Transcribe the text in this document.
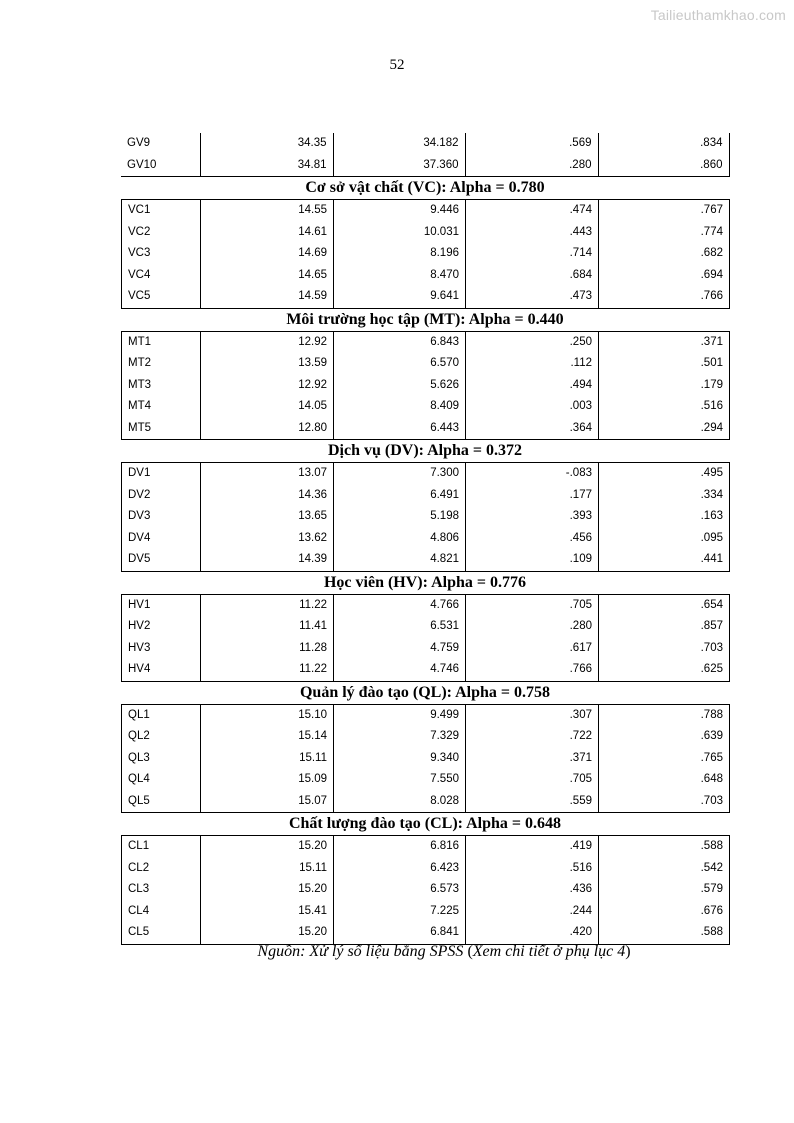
Tailieuthamkhao.com
52
GV9	34.35	34.182	.569	.834
GV10	34.81	37.360	.280	.860
Cơ sở vật chất (VC): Alpha = 0.780
VC1	14.55	9.446	.474	.767
VC2	14.61	10.031	.443	.774
VC3	14.69	8.196	.714	.682
VC4	14.65	8.470	.684	.694
VC5	14.59	9.641	.473	.766
Môi trường học tập (MT): Alpha = 0.440
MT1	12.92	6.843	.250	.371
MT2	13.59	6.570	.112	.501
MT3	12.92	5.626	.494	.179
MT4	14.05	8.409	.003	.516
MT5	12.80	6.443	.364	.294
Dịch vụ (DV): Alpha = 0.372
DV1	13.07	7.300	-.083	.495
DV2	14.36	6.491	.177	.334
DV3	13.65	5.198	.393	.163
DV4	13.62	4.806	.456	.095
DV5	14.39	4.821	.109	.441
Học viên (HV): Alpha = 0.776
HV1	11.22	4.766	.705	.654
HV2	11.41	6.531	.280	.857
HV3	11.28	4.759	.617	.703
HV4	11.22	4.746	.766	.625
Quản lý đào tạo (QL): Alpha = 0.758
QL1	15.10	9.499	.307	.788
QL2	15.14	7.329	.722	.639
QL3	15.11	9.340	.371	.765
QL4	15.09	7.550	.705	.648
QL5	15.07	8.028	.559	.703
Chất lượng đào tạo (CL): Alpha = 0.648
CL1	15.20	6.816	.419	.588
CL2	15.11	6.423	.516	.542
CL3	15.20	6.573	.436	.579
CL4	15.41	7.225	.244	.676
CL5	15.20	6.841	.420	.588
Nguồn: Xử lý số liệu bằng SPSS (Xem chi tiết ở phụ lục 4)
